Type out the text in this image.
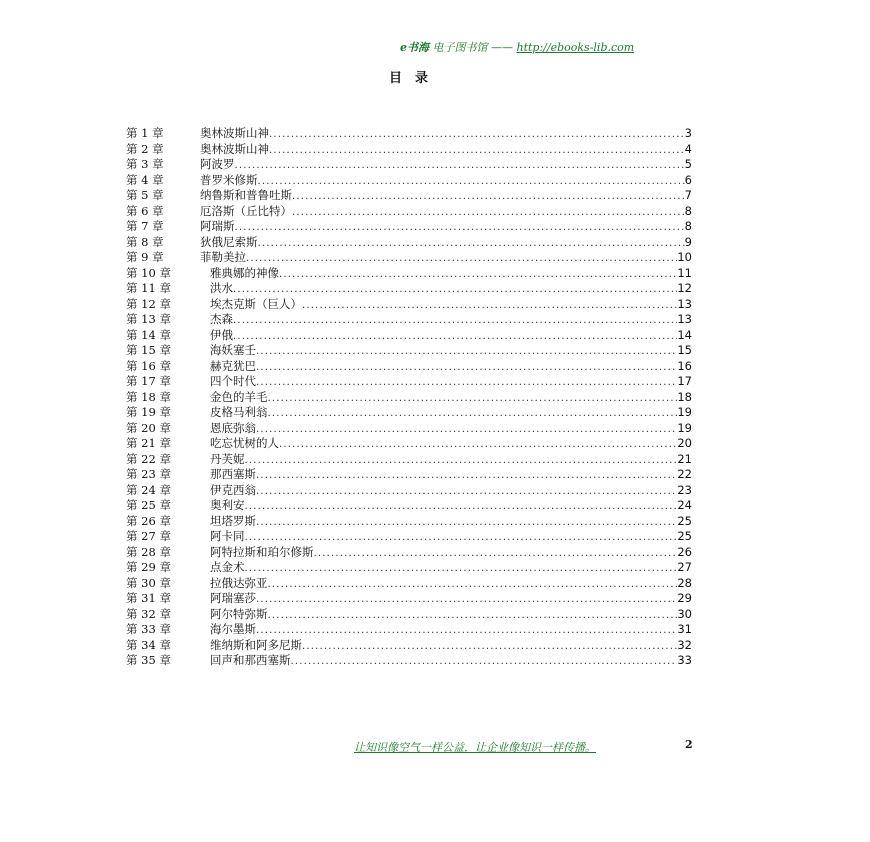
e书海 电子图书馆 —— http://ebooks-lib.com
目录
第 1 章	奥林波斯山神 .....	3
第 2 章	奥林波斯山神 .....	4
第 3 章	阿波罗 .....	5
第 4 章	普罗米修斯 .....	6
第 5 章	纳鲁斯和普鲁吐斯 .....	7
第 6 章	厄洛斯（丘比特） .....	8
第 7 章	阿瑞斯 .....	8
第 8 章	狄俄尼索斯 .....	9
第 9 章	菲勒美拉 .....	10
第 10 章	雅典娜的神像 .....	11
第 11 章	洪水 .....	12
第 12 章	埃杰克斯（巨人） .....	13
第 13 章	杰森 .....	13
第 14 章	伊俄 .....	14
第 15 章	海妖塞壬 .....	15
第 16 章	赫克犹巴 .....	16
第 17 章	四个时代 .....	17
第 18 章	金色的羊毛 .....	18
第 19 章	皮格马利翁 .....	19
第 20 章	恩底弥翁 .....	19
第 21 章	吃忘忧树的人 .....	20
第 22 章	丹芙妮 .....	21
第 23 章	那西塞斯 .....	22
第 24 章	伊克西翁 .....	23
第 25 章	奥利安 .....	24
第 26 章	坦塔罗斯 .....	25
第 27 章	阿卡同 .....	25
第 28 章	阿特拉斯和珀尔修斯 .....	26
第 29 章	点金术 .....	27
第 30 章	拉俄达弥亚 .....	28
第 31 章	阿瑞塞莎 .....	29
第 32 章	阿尔特弥斯 .....	30
第 33 章	海尔墨斯 .....	31
第 34 章	维纳斯和阿多尼斯 .....	32
第 35 章	回声和那西塞斯 .....	33
让知识像空气一样公益，让企业像知识一样传播。	2
